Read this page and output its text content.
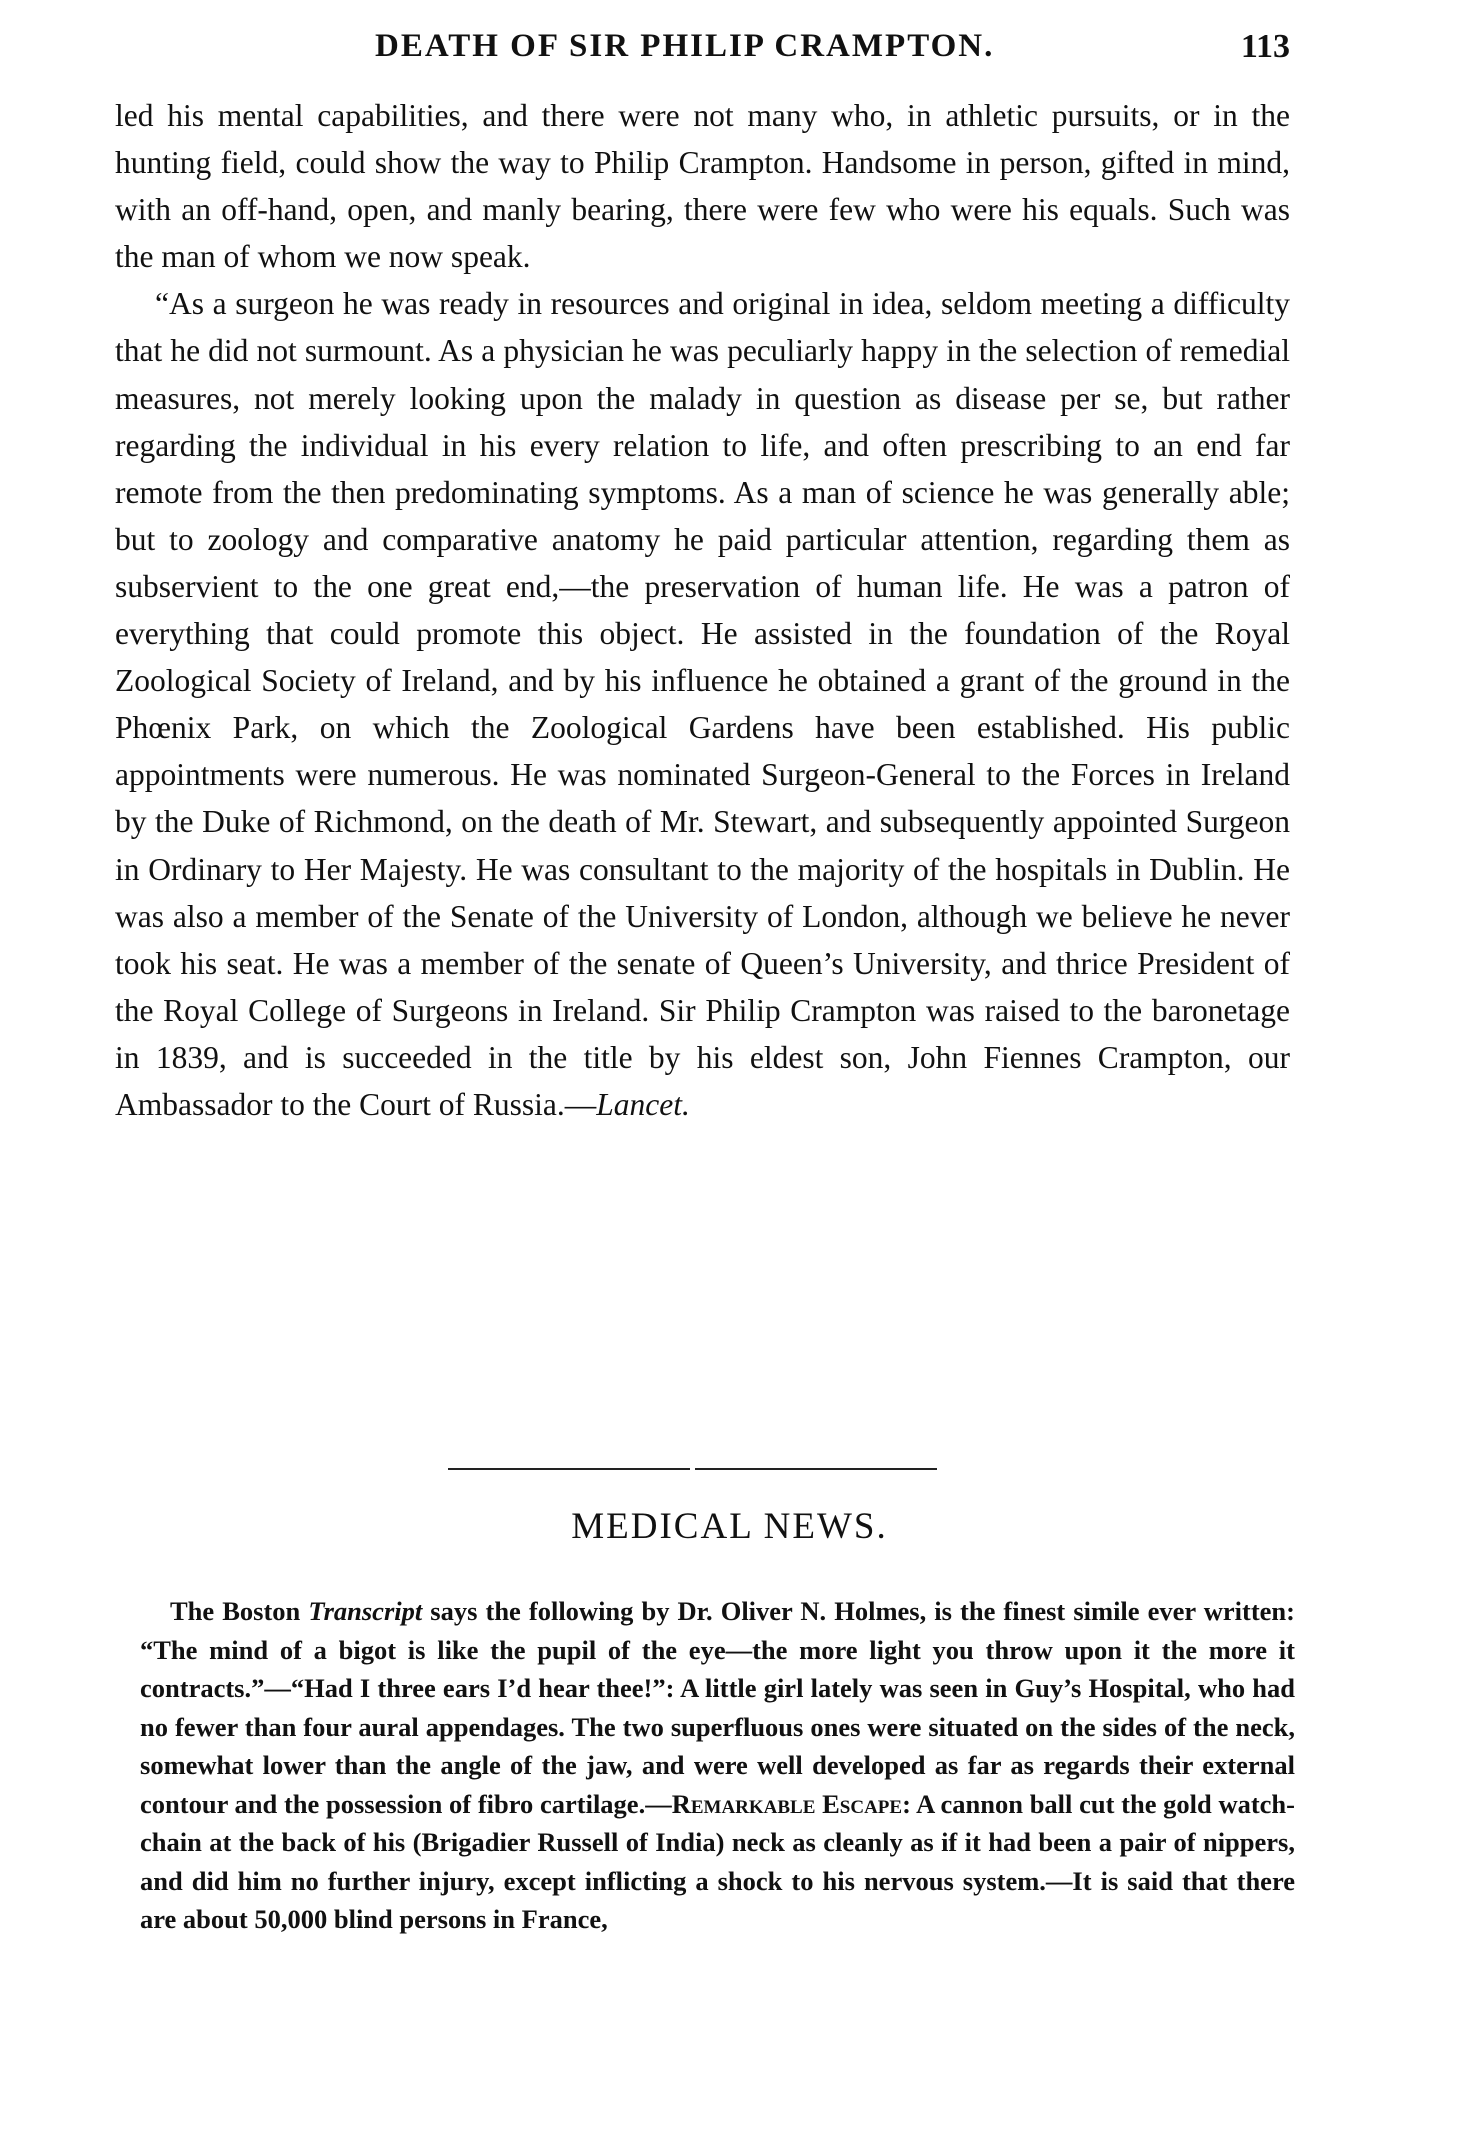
DEATH OF SIR PHILIP CRAMPTON.	113

led his mental capabilities, and there were not many who, in athletic pursuits, or in the hunting field, could show the way to Philip Crampton. Handsome in person, gifted in mind, with an off-hand, open, and manly bearing, there were few who were his equals. Such was the man of whom we now speak.

“As a surgeon he was ready in resources and original in idea, seldom meeting a difficulty that he did not surmount. As a physician he was peculiarly happy in the selection of remedial measures, not merely looking upon the malady in question as disease per se, but rather regarding the individual in his every relation to life, and often prescribing to an end far remote from the then predominating symptoms. As a man of science he was generally able; but to zoology and comparative anatomy he paid particular attention, regarding them as subservient to the one great end,—the preservation of human life. He was a patron of everything that could promote this object. He assisted in the foundation of the Royal Zoological Society of Ireland, and by his influence he obtained a grant of the ground in the Phœnix Park, on which the Zoological Gardens have been established. His public appointments were numerous. He was nominated Surgeon-General to the Forces in Ireland by the Duke of Richmond, on the death of Mr. Stewart, and subsequently appointed Surgeon in Ordinary to Her Majesty. He was consultant to the majority of the hospitals in Dublin. He was also a member of the Senate of the University of London, although we believe he never took his seat. He was a member of the senate of Queen’s University, and thrice President of the Royal College of Surgeons in Ireland. Sir Philip Crampton was raised to the baronetage in 1839, and is succeeded in the title by his eldest son, John Fiennes Crampton, our Ambassador to the Court of Russia.—Lancet.

MEDICAL NEWS.

The Boston Transcript says the following by Dr. Oliver N. Holmes, is the finest simile ever written: “The mind of a bigot is like the pupil of the eye—the more light you throw upon it the more it contracts.”—“Had I three ears I’d hear thee!”: A little girl lately was seen in Guy’s Hospital, who had no fewer than four aural appendages. The two superfluous ones were situated on the sides of the neck, somewhat lower than the angle of the jaw, and were well developed as far as regards their external contour and the possession of fibro cartilage.—Remarkable Escape: A cannon ball cut the gold watch-chain at the back of his (Brigadier Russell of India) neck as cleanly as if it had been a pair of nippers, and did him no further injury, except inflicting a shock to his nervous system.—It is said that there are about 50,000 blind persons in France,
